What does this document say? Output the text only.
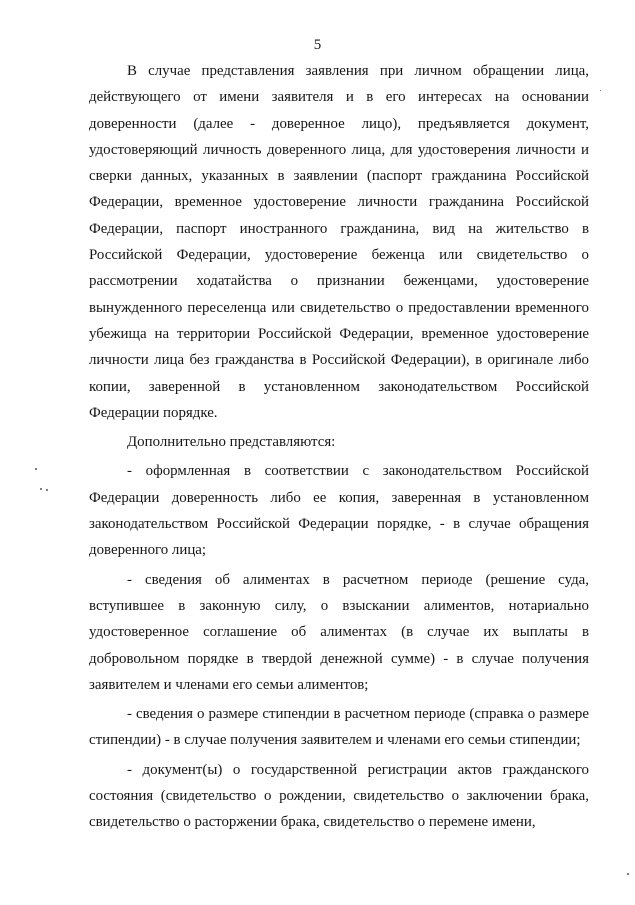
5

В случае представления заявления при личном обращении лица, действующего от имени заявителя и в его интересах на основании доверенности (далее - доверенное лицо), предъявляется документ, удостоверяющий личность доверенного лица, для удостоверения личности и сверки данных, указанных в заявлении (паспорт гражданина Российской Федерации, временное удостоверение личности гражданина Российской Федерации, паспорт иностранного гражданина, вид на жительство в Российской Федерации, удостоверение беженца или свидетельство о рассмотрении ходатайства о признании беженцами, удостоверение вынужденного переселенца или свидетельство о предоставлении временного убежища на территории Российской Федерации, временное удостоверение личности лица без гражданства в Российской Федерации), в оригинале либо копии, заверенной в установленном законодательством Российской Федерации порядке.

Дополнительно представляются:

- оформленная в соответствии с законодательством Российской Федерации доверенность либо ее копия, заверенная в установленном законодательством Российской Федерации порядке, - в случае обращения доверенного лица;

- сведения об алиментах в расчетном периоде (решение суда, вступившее в законную силу, о взыскании алиментов, нотариально удостоверенное соглашение об алиментах (в случае их выплаты в добровольном порядке в твердой денежной сумме) - в случае получения заявителем и членами его семьи алиментов;

- сведения о размере стипендии в расчетном периоде (справка о размере стипендии) - в случае получения заявителем и членами его семьи стипендии;

- документ(ы) о государственной регистрации актов гражданского состояния (свидетельство о рождении, свидетельство о заключении брака, свидетельство о расторжении брака, свидетельство о перемене имени,
